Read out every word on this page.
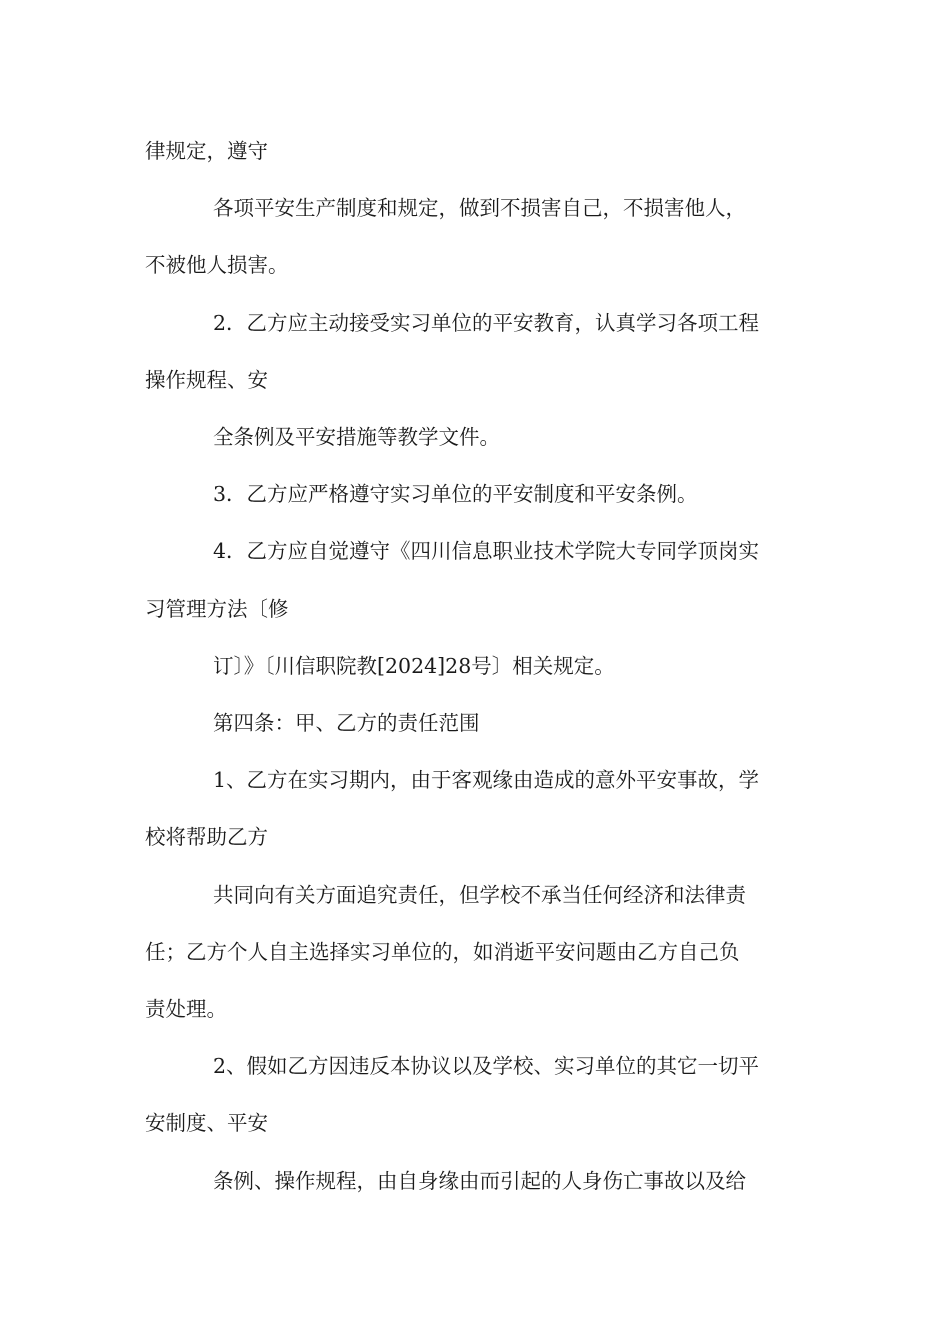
律规定，遵守

各项平安生产制度和规定，做到不损害自己，不损害他人，

不被他人损害。

2．乙方应主动接受实习单位的平安教育，认真学习各项工程

操作规程、安

全条例及平安措施等教学文件。

3．乙方应严格遵守实习单位的平安制度和平安条例。

4．乙方应自觉遵守《四川信息职业技术学院大专同学顶岗实

习管理方法〔修

订〕》〔川信职院教[2024]28号〕相关规定。

第四条：甲、乙方的责任范围

1、乙方在实习期内，由于客观缘由造成的意外平安事故，学

校将帮助乙方

共同向有关方面追究责任，但学校不承当任何经济和法律责

任；乙方个人自主选择实习单位的，如消逝平安问题由乙方自己负

责处理。

2、假如乙方因违反本协议以及学校、实习单位的其它一切平

安制度、平安

条例、操作规程，由自身缘由而引起的人身伤亡事故以及给
